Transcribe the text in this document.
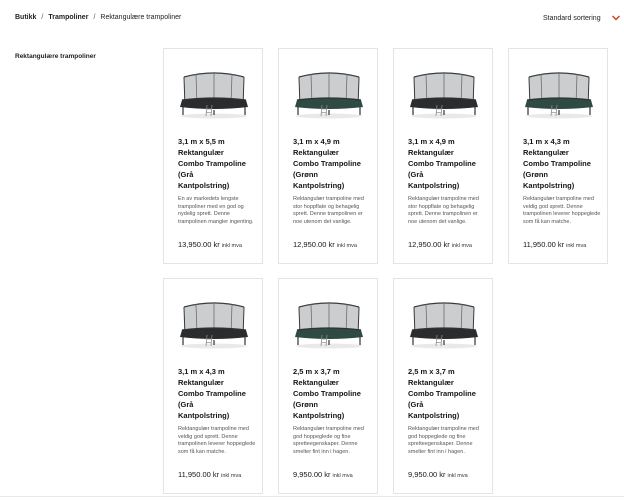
Butikk / Trampoliner / Rektangulære trampoliner	Standard sortering
Rektangulære trampoliner
3,1 m x 5,5 m
Rektangulær
Combo Trampoline
(Grå
Kantpolstring)
En av markedets lengste trampoliner med en god og nydelig sprett. Denne trampolinen mangler ingenting.
13,950.00 kr inkl mva
3,1 m x 4,9 m
Rektangulær
Combo Trampoline
(Grønn
Kantpolstring)
Rektangulær trampoline med stor hoppflate og behagelig sprett. Denne trampolinen er noe utenom det vanlige.
12,950.00 kr inkl mva
3,1 m x 4,9 m
Rektangulær
Combo Trampoline
(Grå
Kantpolstring)
Rektangulær trampoline med stor hoppflate og behagelig sprett. Denne trampolinen er noe utenom det vanlige.
12,950.00 kr inkl mva
3,1 m x 4,3 m
Rektangulær
Combo Trampoline
(Grønn
Kantpolstring)
Rektangulær trampoline med veldig god sprett. Denne trampolinen leverer hoppeglede som få kan matche.
11,950.00 kr inkl mva
3,1 m x 4,3 m
Rektangulær
Combo Trampoline
(Grå
Kantpolstring)
Rektangulær trampoline med veldig god sprett. Denne trampolinen leverer hoppeglede som få kan matche.
11,950.00 kr inkl mva
2,5 m x 3,7 m
Rektangulær
Combo Trampoline
(Grønn
Kantpolstring)
Rektangulær trampoline med god hoppeglede og fine spretteegenskaper. Denne smelter fint inn i hagen.
9,950.00 kr inkl mva
2,5 m x 3,7 m
Rektangulær
Combo Trampoline
(Grå
Kantpolstring)
Rektangulær trampoline med god hoppeglede og fine spretteegenskaper. Denne smelter fint inn i hagen.
9,950.00 kr inkl mva
